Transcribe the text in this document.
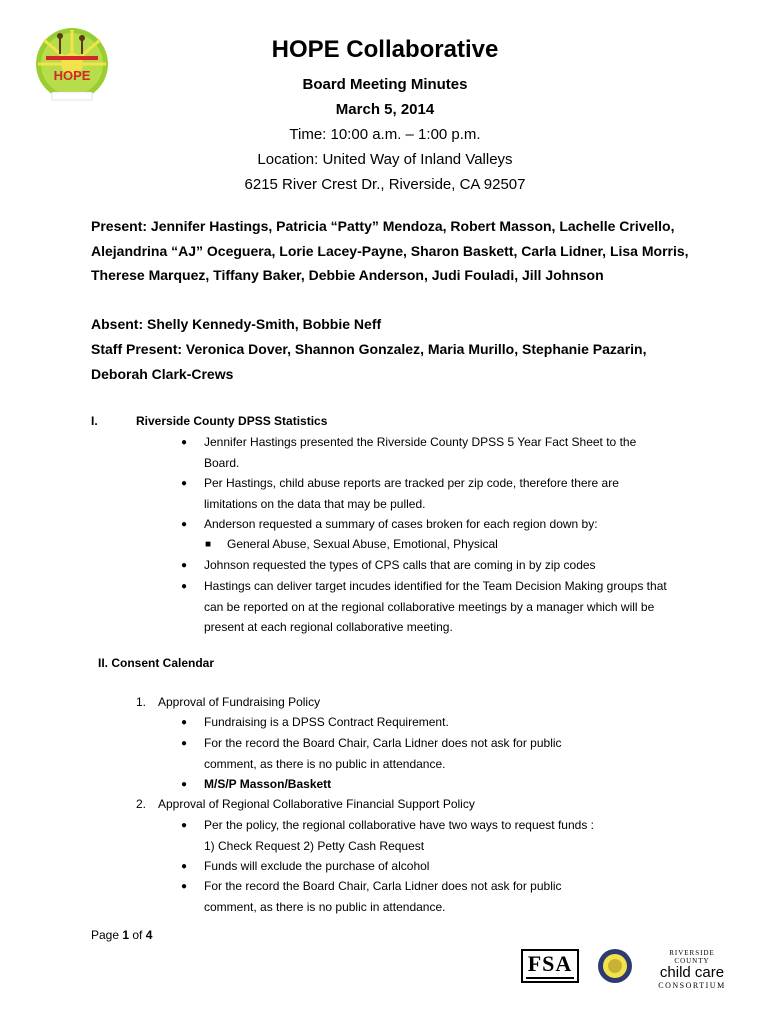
HOPE
HOPE Collaborative
Board Meeting Minutes
March 5, 2014
Time: 10:00 a.m. – 1:00 p.m.
Location: United Way of Inland Valleys
6215 River Crest Dr., Riverside, CA 92507
Present: Jennifer Hastings, Patricia “Patty” Mendoza, Robert Masson, Lachelle Crivello, Alejandrina “AJ” Oceguera, Lorie Lacey-Payne, Sharon Baskett, Carla Lidner, Lisa Morris, Therese Marquez, Tiffany Baker, Debbie Anderson, Judi Fouladi, Jill Johnson
Absent: Shelly Kennedy-Smith, Bobbie Neff
Staff Present: Veronica Dover, Shannon Gonzalez, Maria Murillo, Stephanie Pazarin, Deborah Clark-Crews
I.	Riverside County DPSS Statistics
● Jennifer Hastings presented the Riverside County DPSS 5 Year Fact Sheet to the Board.
● Per Hastings, child abuse reports are tracked per zip code, therefore there are limitations on the data that may be pulled.
● Anderson requested a summary of cases broken for each region down by:
■ General Abuse, Sexual Abuse, Emotional, Physical
● Johnson requested the types of CPS calls that are coming in by zip codes
● Hastings can deliver target incudes identified for the Team Decision Making groups that can be reported on at the regional collaborative meetings by a manager which will be present at each regional collaborative meeting.
II. Consent Calendar
1. Approval of Fundraising Policy
● Fundraising is a DPSS Contract Requirement.
● For the record the Board Chair, Carla Lidner does not ask for public comment, as there is no public in attendance.
● M/S/P Masson/Baskett
2. Approval of Regional Collaborative Financial Support Policy
● Per the policy, the regional collaborative have two ways to request funds : 1) Check Request 2) Petty Cash Request
● Funds will exclude the purchase of alcohol
● For the record the Board Chair, Carla Lidner does not ask for public comment, as there is no public in attendance.
Page 1 of 4
FSA	RIVERSIDE COUNTY
child care
CONSORTIUM
